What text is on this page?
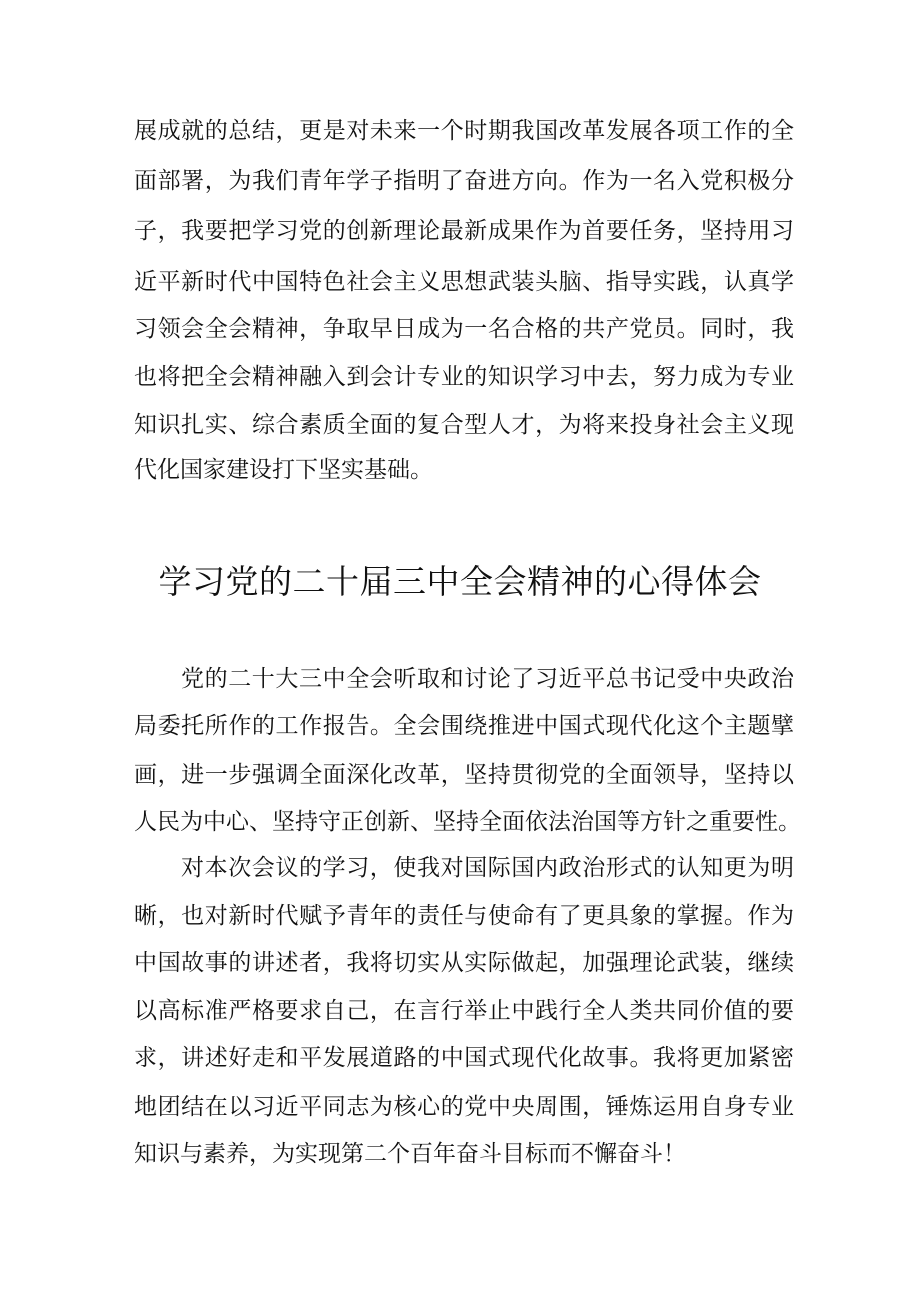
展成就的总结，更是对未来一个时期我国改革发展各项工作的全
面部署，为我们青年学子指明了奋进方向。作为一名入党积极分
子，我要把学习党的创新理论最新成果作为首要任务，坚持用习
近平新时代中国特色社会主义思想武装头脑、指导实践，认真学
习领会全会精神，争取早日成为一名合格的共产党员。同时，我
也将把全会精神融入到会计专业的知识学习中去，努力成为专业
知识扎实、综合素质全面的复合型人才，为将来投身社会主义现
代化国家建设打下坚实基础。
学习党的二十届三中全会精神的心得体会
党的二十大三中全会听取和讨论了习近平总书记受中央政治
局委托所作的工作报告。全会围绕推进中国式现代化这个主题擘
画，进一步强调全面深化改革，坚持贯彻党的全面领导，坚持以
人民为中心、坚持守正创新、坚持全面依法治国等方针之重要性。
对本次会议的学习，使我对国际国内政治形式的认知更为明
晰，也对新时代赋予青年的责任与使命有了更具象的掌握。作为
中国故事的讲述者，我将切实从实际做起，加强理论武装，继续
以高标准严格要求自己，在言行举止中践行全人类共同价值的要
求，讲述好走和平发展道路的中国式现代化故事。我将更加紧密
地团结在以习近平同志为核心的党中央周围，锤炼运用自身专业
知识与素养，为实现第二个百年奋斗目标而不懈奋斗！
